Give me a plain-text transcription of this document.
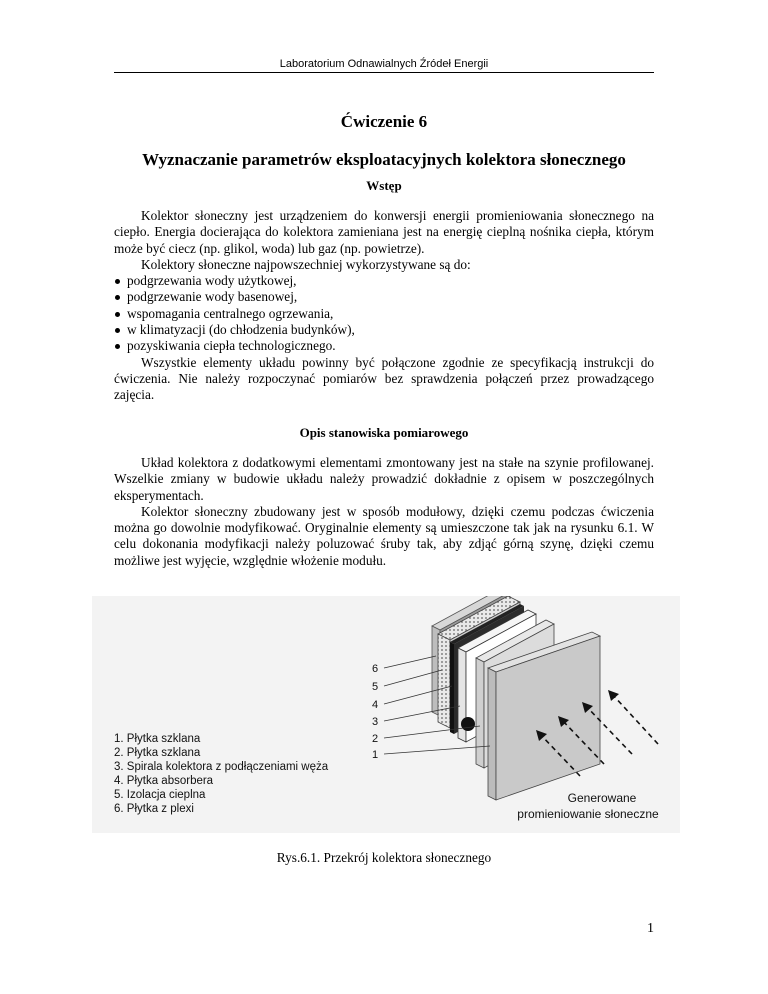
Laboratorium Odnawialnych Źródeł Energii
Ćwiczenie 6
Wyznaczanie parametrów eksploatacyjnych kolektora słonecznego
Wstęp

Kolektor słoneczny jest urządzeniem do konwersji energii promieniowania słonecznego na ciepło. Energia docierająca do kolektora zamieniana jest na energię cieplną nośnika ciepła, którym może być ciecz (np. glikol, woda) lub gaz (np. powietrze).

Kolektory słoneczne najpowszechniej wykorzystywane są do:

podgrzewania wody użytkowej,
podgrzewanie wody basenowej,
wspomagania centralnego ogrzewania,
w klimatyzacji (do chłodzenia budynków),
pozyskiwania ciepła technologicznego.

Wszystkie elementy układu powinny być połączone zgodnie ze specyfikacją instrukcji do ćwiczenia. Nie należy rozpoczynać pomiarów bez sprawdzenia połączeń przez prowadzącego zajęcia.

Opis stanowiska pomiarowego

Układ kolektora z dodatkowymi elementami zmontowany jest na stałe na szynie profilowanej. Wszelkie zmiany w budowie układu należy prowadzić dokładnie z opisem w poszczególnych eksperymentach.

Kolektor słoneczny zbudowany jest w sposób modułowy, dzięki czemu podczas ćwiczenia można go dowolnie modyfikować. Oryginalnie elementy są umieszczone tak jak na rysunku 6.1. W celu dokonania modyfikacji należy poluzować śruby tak, aby zdjąć górną szynę, dzięki czemu możliwe jest wyjęcie, względnie włożenie modułu.

6
5
4
3
2
1
1. Płytka szklana
2. Płytka szklana
3. Spirala kolektora z podłączeniami węża
4. Płytka absorbera
5. Izolacja cieplna
6. Płytka z plexi
Generowane
promieniowanie słoneczne
Rys.6.1. Przekrój kolektora słonecznego
1
